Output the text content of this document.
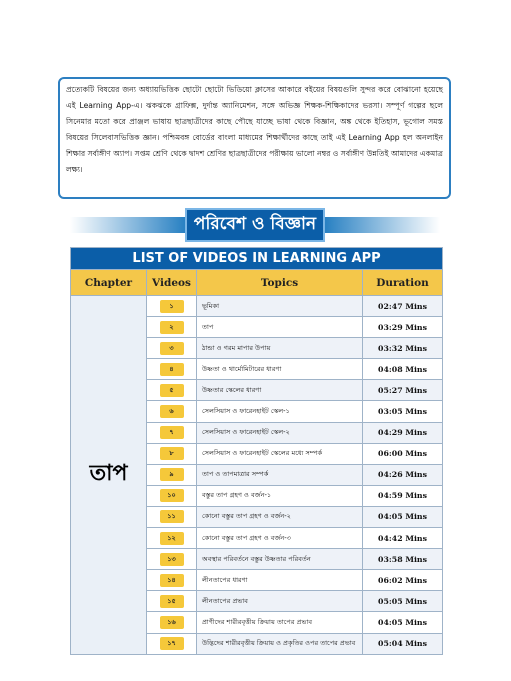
প্রত্যেকটি বিষয়ের জন্য অধ্যায়ভিত্তিক ছোটো ছোটো ভিডিয়ো ক্লাসের আকারে বইয়ের বিষয়গুলি সুন্দর করে বোঝানো হয়েছে এই Learning App-এ। ঝকঝকে গ্রাফিক্স, দুর্দান্ত অ্যানিমেশন, সঙ্গে অভিজ্ঞ শিক্ষক-শিক্ষিকাদের ভরসা। সম্পূর্ণ গল্পের ছলে সিনেমার মতো করে প্রাঞ্জল ভাষায় ছাত্রছাত্রীদের কাছে পৌছে যাচ্ছে ভাষা থেকে বিজ্ঞান, অঙ্ক থেকে ইতিহাস, ভূগোল সমস্ত বিষয়ের সিলেবাসভিত্তিক জ্ঞান। পশ্চিমবঙ্গ বোর্ডের বাংলা মাধ্যমের শিক্ষার্থীদের কাছে তাই এই Learning App হল অনলাইন শিক্ষার সর্বাঙ্গীণ অ্যাপ। সপ্তম শ্রেণি থেকে দ্বাদশ শ্রেণির ছাত্রছাত্রীদের পরীক্ষায় ভালো নম্বর ও সর্বাঙ্গীণ উন্নতিই আমাদের একমাত্র লক্ষ্য।
পরিবেশ ও বিজ্ঞান
LIST OF VIDEOS IN LEARNING APP			
Chapter	Videos	Topics	Duration
তাপ	১	ভূমিকা	02:47 Mins
	২	তাপ	03:29 Mins
	৩	ঠান্ডা ও গরম মাপার উপায়	03:32 Mins
	৪	উষ্ণতা ও থার্মোমিটারের ধারণা	04:08 Mins
	৫	উষ্ণতার স্কেলের ধারণা	05:27 Mins
	৬	সেলসিয়াস ও ফারেনহাইট স্কেল-১	03:05 Mins
	৭	সেলসিয়াস ও ফারেনহাইট স্কেল-২	04:29 Mins
	৮	সেলসিয়াস ও ফারেনহাইট স্কেলের মধ্যে সম্পর্ক	06:00 Mins
	৯	তাপ ও তাপমাত্রার সম্পর্ক	04:26 Mins
	১০	বস্তুর তাপ গ্রহণ ও বর্জন-১	04:59 Mins
	১১	কোনো বস্তুর তাপ গ্রহণ ও বর্জন-২	04:05 Mins
	১২	কোনো বস্তুর তাপ গ্রহণ ও বর্জন-৩	04:42 Mins
	১৩	অবস্থার পরিবর্তনে বস্তুর উষ্ণতার পরিবর্তন	03:58 Mins
	১৪	লীনতাপের ধারণা	06:02 Mins
	১৫	লীনতাপের প্রভাব	05:05 Mins
	১৬	প্রাণীদের শারীরবৃত্তীয় ক্রিয়ায় তাপের প্রভাব	04:05 Mins
	১৭	উদ্ভিদের শারীরবৃত্তীয় ক্রিয়ায় ও প্রকৃতির ওপর তাপের প্রভাব	05:04 Mins
